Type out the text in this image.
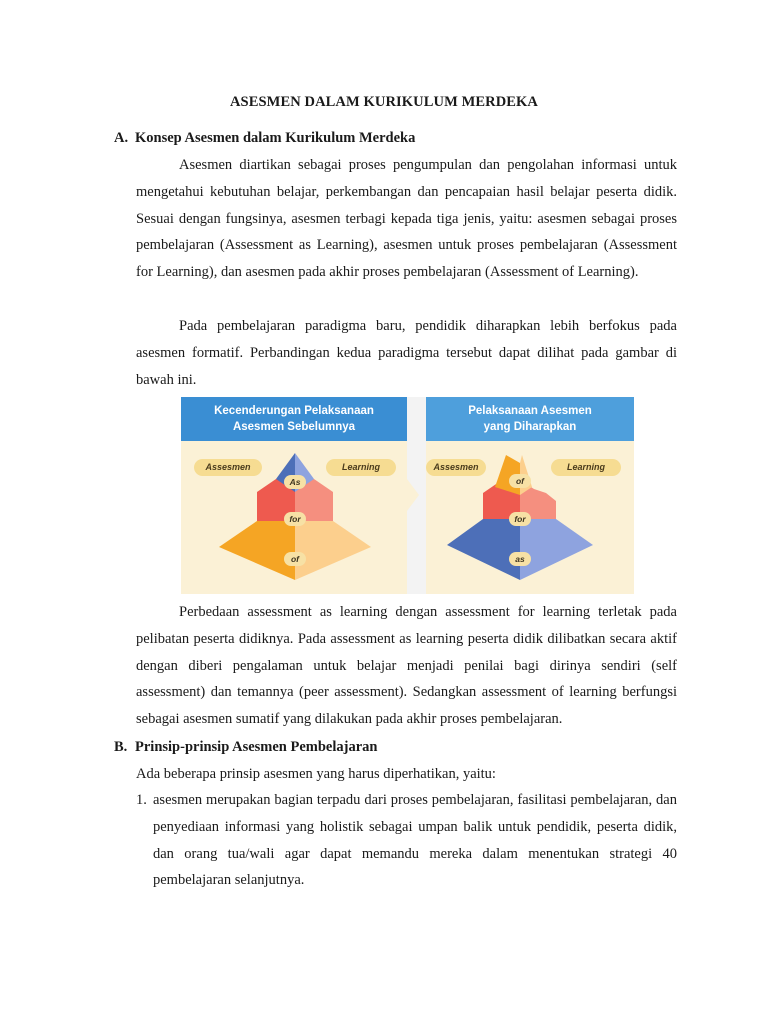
ASESMEN DALAM KURIKULUM MERDEKA
A. Konsep Asesmen dalam Kurikulum Merdeka

Asesmen diartikan sebagai proses pengumpulan dan pengolahan informasi untuk mengetahui kebutuhan belajar, perkembangan dan pencapaian hasil belajar peserta didik. Sesuai dengan fungsinya, asesmen terbagi kepada tiga jenis, yaitu: asesmen sebagai proses pembelajaran (Assessment as Learning), asesmen untuk proses pembelajaran (Assessment for Learning), dan asesmen pada akhir proses pembelajaran (Assessment of Learning).

Pada pembelajaran paradigma baru, pendidik diharapkan lebih berfokus pada asesmen formatif. Perbandingan kedua paradigma tersebut dapat dilihat pada gambar di bawah ini.

Kecenderungan Pelaksanaan
Asesmen Sebelumnya
Assesmen	Learning
As
for
of
Pelaksanaan Asesmen
yang Diharapkan
Assesmen	Learning
of
for
as

Perbedaan assessment as learning dengan assessment for learning terletak pada pelibatan peserta didiknya. Pada assessment as learning peserta didik dilibatkan secara aktif dengan diberi pengalaman untuk belajar menjadi penilai bagi dirinya sendiri (self assessment) dan temannya (peer assessment). Sedangkan assessment of learning berfungsi sebagai asesmen sumatif yang dilakukan pada akhir proses pembelajaran.

B. Prinsip-prinsip Asesmen Pembelajaran
Ada beberapa prinsip asesmen yang harus diperhatikan, yaitu:
1. asesmen merupakan bagian terpadu dari proses pembelajaran, fasilitasi pembelajaran, dan penyediaan informasi yang holistik sebagai umpan balik untuk pendidik, peserta didik, dan orang tua/wali agar dapat memandu mereka dalam menentukan strategi 40 pembelajaran selanjutnya.
